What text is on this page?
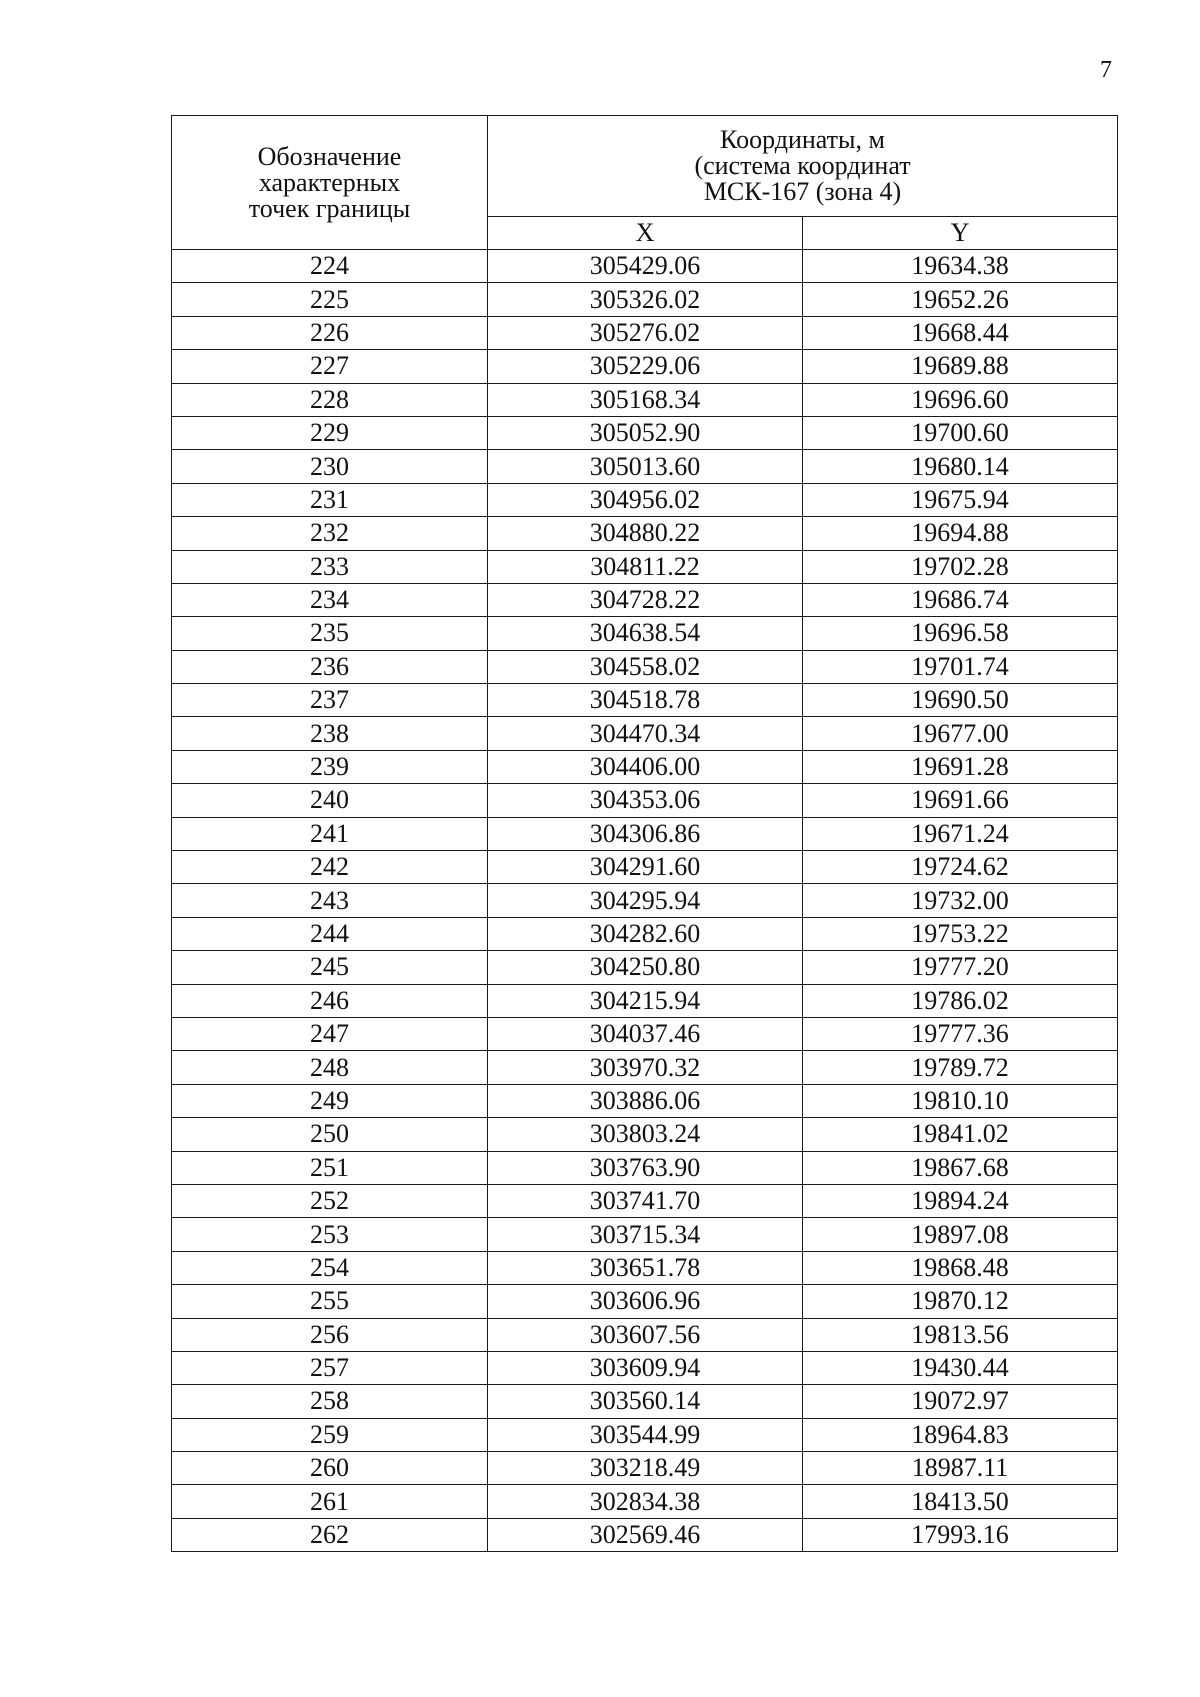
7
Обозначение
характерных
точек границы	Координаты, м
(система координат
МСК-167 (зона 4)	

	X	Y
224	305429.06	19634.38
225	305326.02	19652.26
226	305276.02	19668.44
227	305229.06	19689.88
228	305168.34	19696.60
229	305052.90	19700.60
230	305013.60	19680.14
231	304956.02	19675.94
232	304880.22	19694.88
233	304811.22	19702.28
234	304728.22	19686.74
235	304638.54	19696.58
236	304558.02	19701.74
237	304518.78	19690.50
238	304470.34	19677.00
239	304406.00	19691.28
240	304353.06	19691.66
241	304306.86	19671.24
242	304291.60	19724.62
243	304295.94	19732.00
244	304282.60	19753.22
245	304250.80	19777.20
246	304215.94	19786.02
247	304037.46	19777.36
248	303970.32	19789.72
249	303886.06	19810.10
250	303803.24	19841.02
251	303763.90	19867.68
252	303741.70	19894.24
253	303715.34	19897.08
254	303651.78	19868.48
255	303606.96	19870.12
256	303607.56	19813.56
257	303609.94	19430.44
258	303560.14	19072.97
259	303544.99	18964.83
260	303218.49	18987.11
261	302834.38	18413.50
262	302569.46	17993.16
